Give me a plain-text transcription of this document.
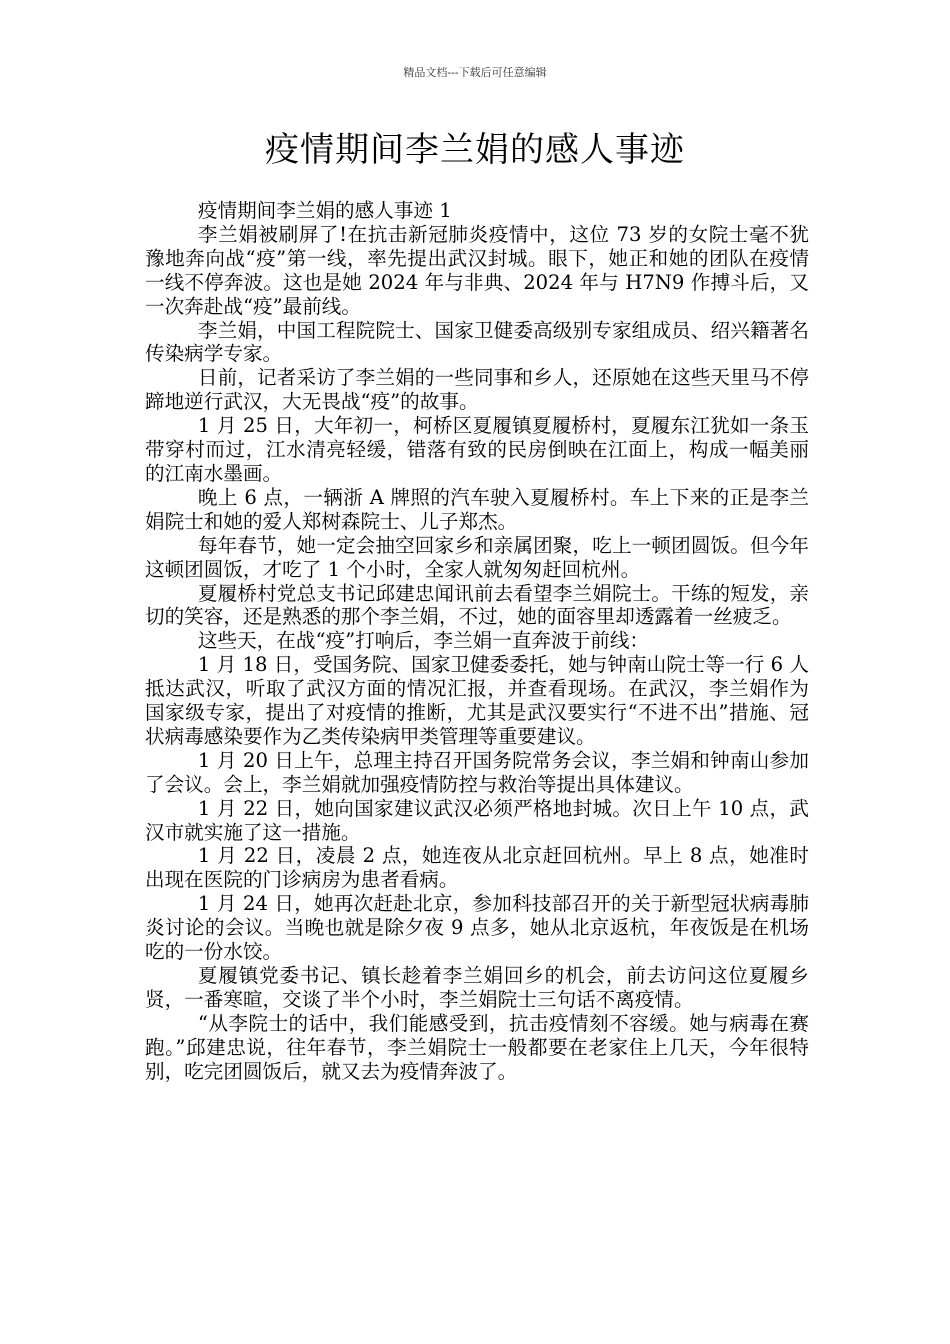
精品文档---下载后可任意编辑
疫情期间李兰娟的感人事迹

疫情期间李兰娟的感人事迹 1

李兰娟被刷屏了!在抗击新冠肺炎疫情中，这位 73 岁的女院士毫不犹豫地奔向战“疫”第一线，率先提出武汉封城。眼下，她正和她的团队在疫情一线不停奔波。这也是她 2024 年与非典、2024 年与 H7N9 作搏斗后，又一次奔赴战“疫”最前线。

李兰娟，中国工程院院士、国家卫健委高级别专家组成员、绍兴籍著名传染病学专家。

日前，记者采访了李兰娟的一些同事和乡人，还原她在这些天里马不停蹄地逆行武汉，大无畏战“疫”的故事。

1 月 25 日，大年初一，柯桥区夏履镇夏履桥村，夏履东江犹如一条玉带穿村而过，江水清亮轻缓，错落有致的民房倒映在江面上，构成一幅美丽的江南水墨画。

晚上 6 点，一辆浙 A 牌照的汽车驶入夏履桥村。车上下来的正是李兰娟院士和她的爱人郑树森院士、儿子郑杰。

每年春节，她一定会抽空回家乡和亲属团聚，吃上一顿团圆饭。但今年这顿团圆饭，才吃了 1 个小时，全家人就匆匆赶回杭州。

夏履桥村党总支书记邱建忠闻讯前去看望李兰娟院士。干练的短发，亲切的笑容，还是熟悉的那个李兰娟，不过，她的面容里却透露着一丝疲乏。

这些天，在战“疫”打响后，李兰娟一直奔波于前线：

1 月 18 日，受国务院、国家卫健委委托，她与钟南山院士等一行 6 人抵达武汉，听取了武汉方面的情况汇报，并查看现场。在武汉，李兰娟作为国家级专家，提出了对疫情的推断，尤其是武汉要实行“不进不出”措施、冠状病毒感染要作为乙类传染病甲类管理等重要建议。

1 月 20 日上午，总理主持召开国务院常务会议，李兰娟和钟南山参加了会议。会上，李兰娟就加强疫情防控与救治等提出具体建议。

1 月 22 日，她向国家建议武汉必须严格地封城。次日上午 10 点，武汉市就实施了这一措施。

1 月 22 日，凌晨 2 点，她连夜从北京赶回杭州。早上 8 点，她准时出现在医院的门诊病房为患者看病。

1 月 24 日，她再次赶赴北京，参加科技部召开的关于新型冠状病毒肺炎讨论的会议。当晚也就是除夕夜 9 点多，她从北京返杭，年夜饭是在机场吃的一份水饺。

夏履镇党委书记、镇长趁着李兰娟回乡的机会，前去访问这位夏履乡贤，一番寒暄，交谈了半个小时，李兰娟院士三句话不离疫情。

“从李院士的话中，我们能感受到，抗击疫情刻不容缓。她与病毒在赛跑。”邱建忠说，往年春节，李兰娟院士一般都要在老家住上几天，今年很特别，吃完团圆饭后，就又去为疫情奔波了。
